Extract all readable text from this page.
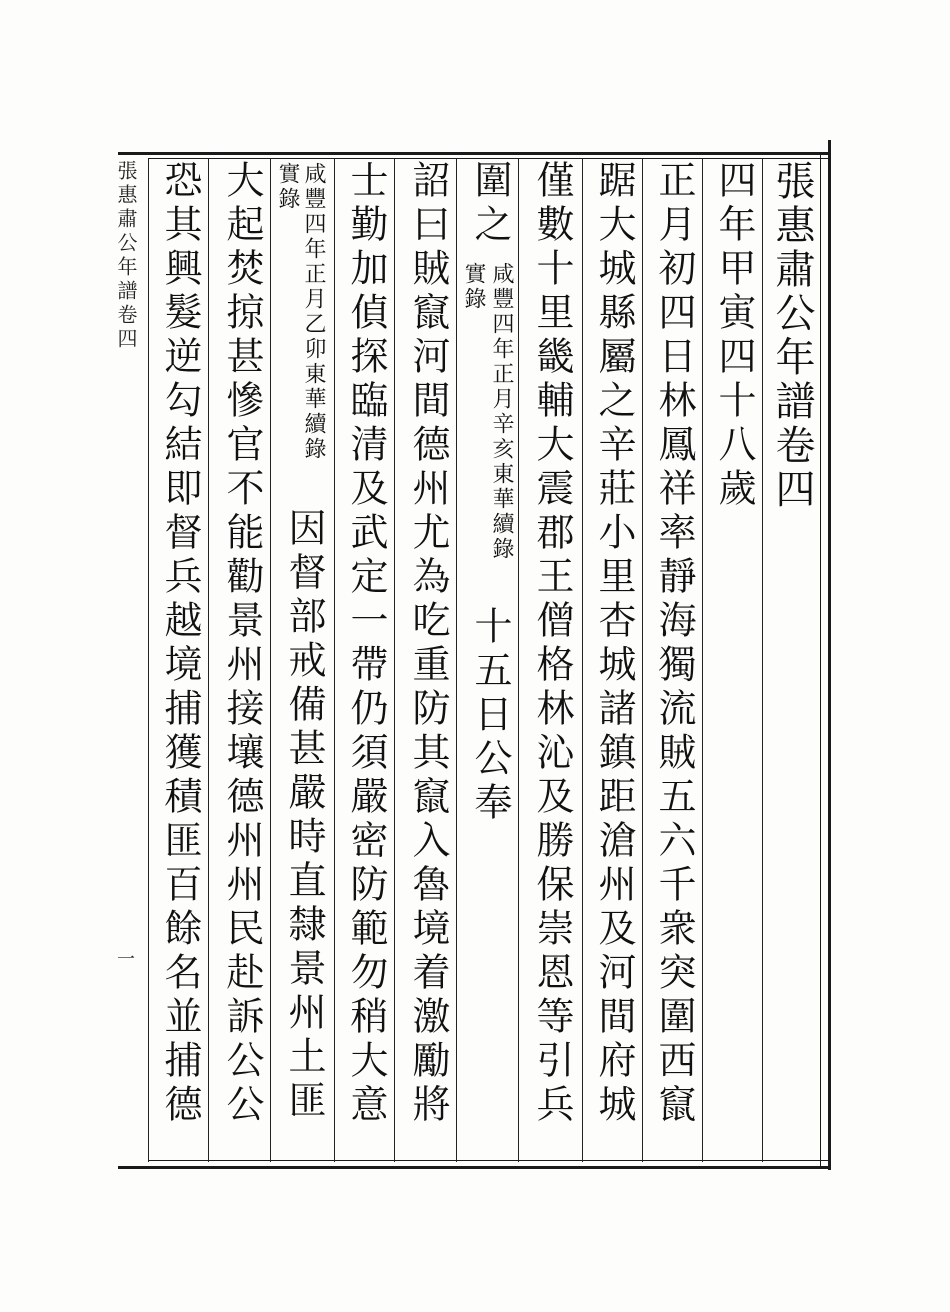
張惠肅公年譜卷四
四年甲寅四十八歲
正月初四日林鳳祥率靜海獨流賊五六千衆突圍西竄
踞大城縣屬之辛莊小里杏城諸鎮距滄州及河間府城
僅數十里畿輔大震郡王僧格林沁及勝保崇恩等引兵
圍之
咸豐四年正月辛亥東華續錄
實錄
十五日公奉
詔曰賊竄河間德州尤為吃重防其竄入魯境着激勵將
士勤加偵探臨清及武定一帶仍須嚴密防範勿稍大意
咸豐四年正月乙卯東華續錄
實錄
因督部戒備甚嚴時直隸景州土匪
大起焚掠甚慘官不能勸景州接壤德州州民赴訴公公
恐其興髮逆勾結即督兵越境捕獲積匪百餘名並捕德
張惠肅公年譜卷四
一
